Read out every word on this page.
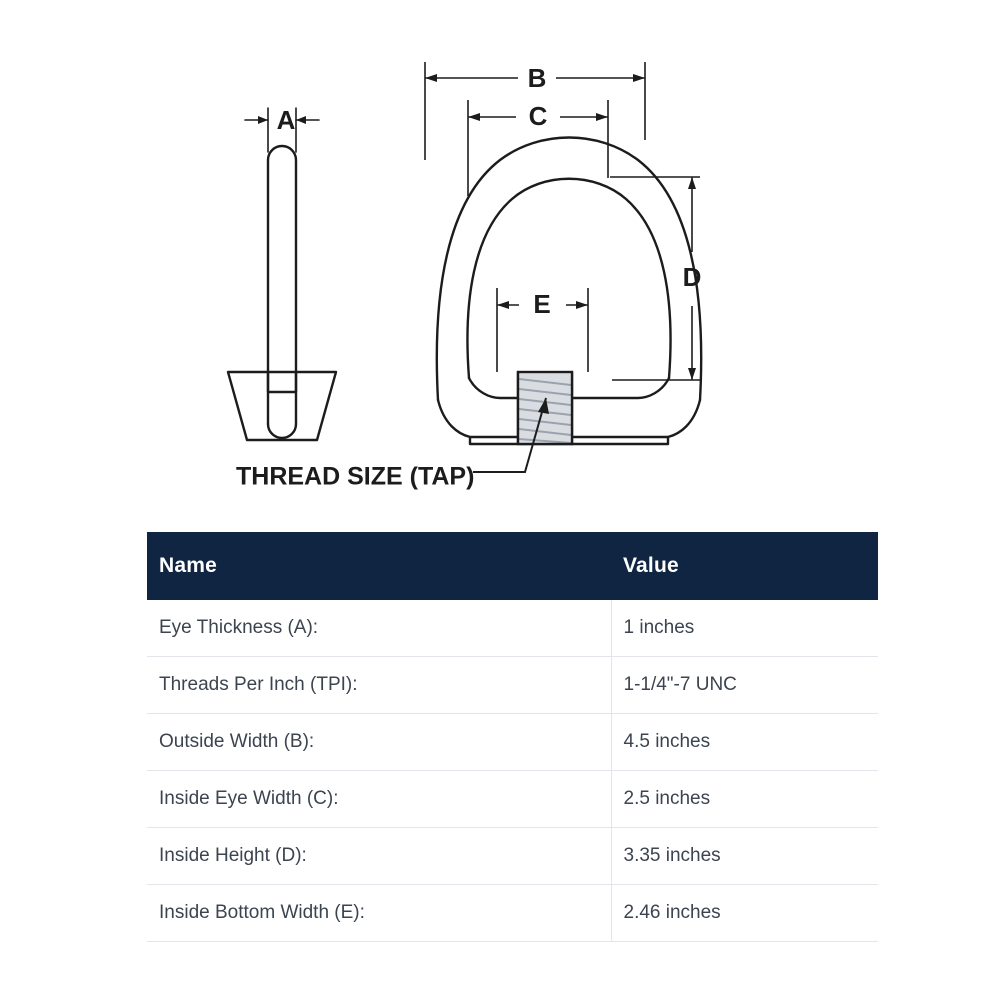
A
B
C
D
E
THREAD SIZE (TAP)
Name	Value
Eye Thickness (A):	1 inches
Threads Per Inch (TPI):	1-1/4"-7 UNC
Outside Width (B):	4.5 inches
Inside Eye Width (C):	2.5 inches
Inside Height (D):	3.35 inches
Inside Bottom Width (E):	2.46 inches
